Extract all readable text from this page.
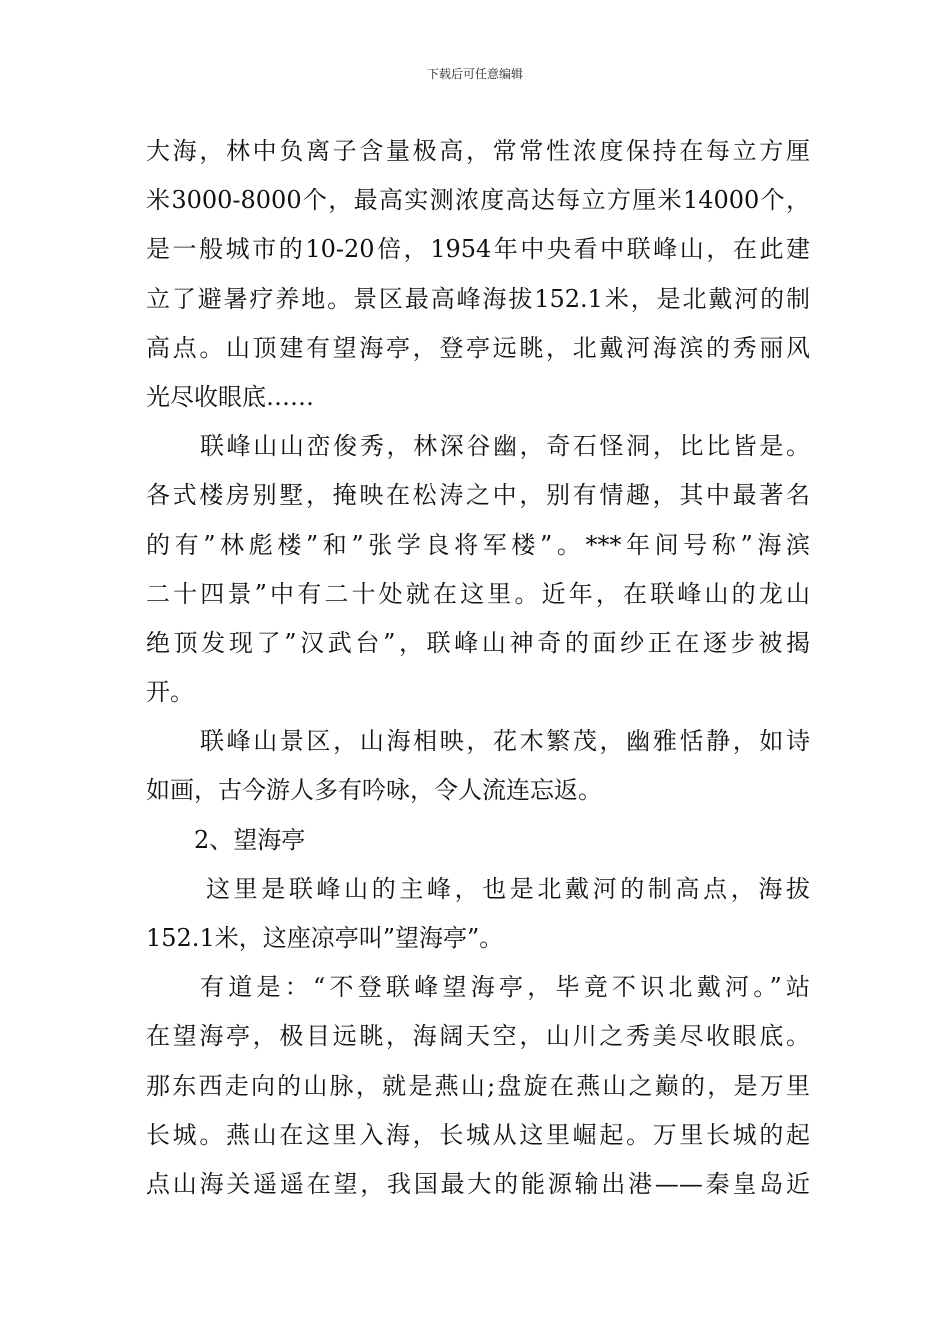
下载后可任意编辑
大海，林中负离子含量极高，常常性浓度保持在每立方厘
米3000-8000个，最高实测浓度高达每立方厘米14000个，
是一般城市的10-20倍，1954年中央看中联峰山，在此建
立了避暑疗养地。景区最高峰海拔152.1米，是北戴河的制
高点。山顶建有望海亭，登亭远眺，北戴河海滨的秀丽风
光尽收眼底……
联峰山山峦俊秀，林深谷幽，奇石怪洞，比比皆是。
各式楼房别墅，掩映在松涛之中，别有情趣，其中最著名
的有”林彪楼”和”张学良将军楼”。***年间号称”海滨
二十四景”中有二十处就在这里。近年，在联峰山的龙山
绝顶发现了”汉武台”，联峰山神奇的面纱正在逐步被揭
开。
联峰山景区，山海相映，花木繁茂，幽雅恬静，如诗
如画，古今游人多有吟咏，令人流连忘返。
2、望海亭
这里是联峰山的主峰，也是北戴河的制高点，海拔
152.1米，这座凉亭叫”望海亭”。
有道是：“不登联峰望海亭，毕竟不识北戴河。”站
在望海亭，极目远眺，海阔天空，山川之秀美尽收眼底。
那东西走向的山脉，就是燕山;盘旋在燕山之巅的，是万里
长城。燕山在这里入海，长城从这里崛起。万里长城的起
点山海关遥遥在望，我国最大的能源输出港——秦皇岛近
